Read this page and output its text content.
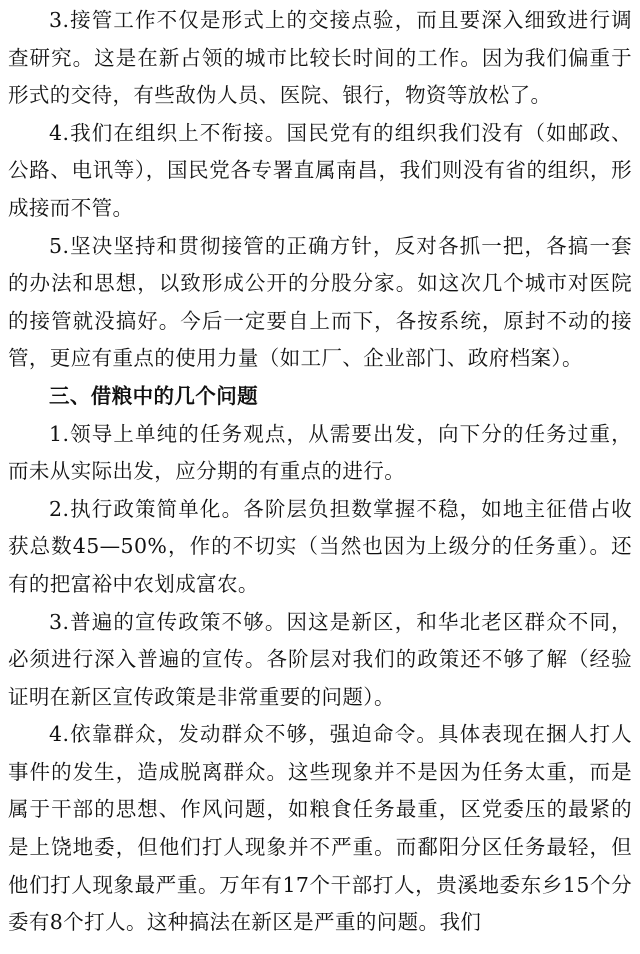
3.接管工作不仅是形式上的交接点验，而且要深入细致进行调查研究。这是在新占领的城市比较长时间的工作。因为我们偏重于形式的交待，有些敌伪人员、医院、银行，物资等放松了。

4.我们在组织上不衔接。国民党有的组织我们没有（如邮政、公路、电讯等），国民党各专署直属南昌，我们则没有省的组织，形成接而不管。

5.坚决坚持和贯彻接管的正确方针，反对各抓一把，各搞一套的办法和思想，以致形成公开的分股分家。如这次几个城市对医院的接管就没搞好。今后一定要自上而下，各按系统，原封不动的接管，更应有重点的使用力量（如工厂、企业部门、政府档案）。

三、借粮中的几个问题

1.领导上单纯的任务观点，从需要出发，向下分的任务过重，而未从实际出发，应分期的有重点的进行。

2.执行政策简单化。各阶层负担数掌握不稳，如地主征借占收获总数45—50%，作的不切实（当然也因为上级分的任务重）。还有的把富裕中农划成富农。

3.普遍的宣传政策不够。因这是新区，和华北老区群众不同，必须进行深入普遍的宣传。各阶层对我们的政策还不够了解（经验证明在新区宣传政策是非常重要的问题）。

4.依靠群众，发动群众不够，强迫命令。具体表现在捆人打人事件的发生，造成脱离群众。这些现象并不是因为任务太重，而是属于干部的思想、作风问题，如粮食任务最重，区党委压的最紧的是上饶地委，但他们打人现象并不严重。而鄱阳分区任务最轻，但他们打人现象最严重。万年有17个干部打人，贵溪地委东乡15个分委有8个打人。这种搞法在新区是严重的问题。我们
